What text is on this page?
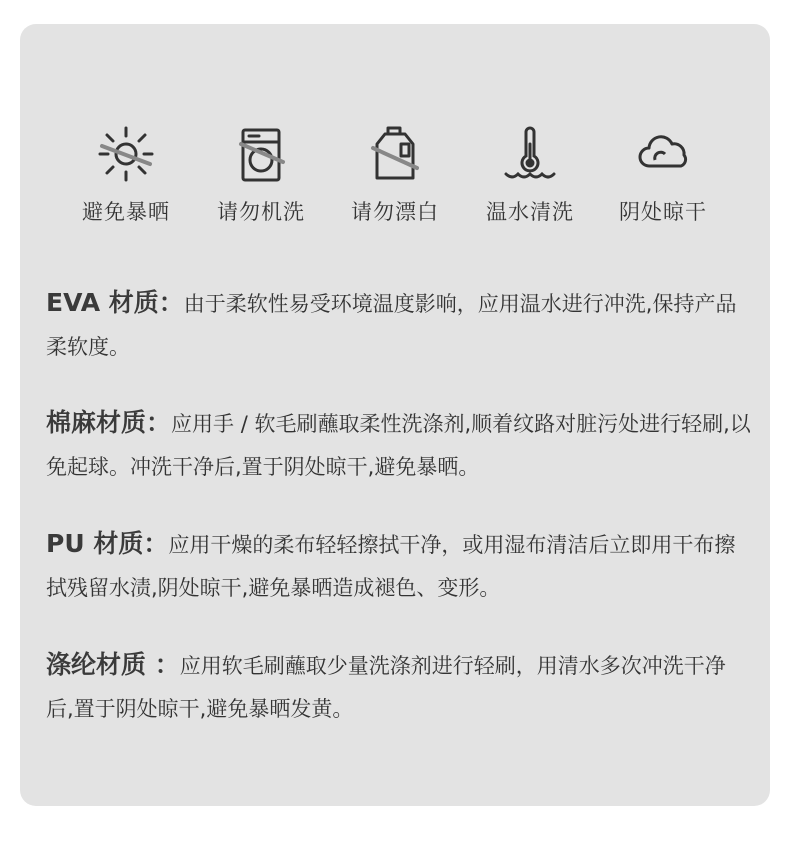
避免暴晒	请勿机洗	请勿漂白	温水清洗	阴处晾干
EVA 材质：由于柔软性易受环境温度影响，应用温水进行冲洗,保持产品柔软度。
棉麻材质：应用手 / 软毛刷蘸取柔性洗涤剂,顺着纹路对脏污处进行轻刷,以免起球。冲洗干净后,置于阴处晾干,避免暴晒。
PU 材质：应用干燥的柔布轻轻擦拭干净，或用湿布清洁后立即用干布擦拭残留水渍,阴处晾干,避免暴晒造成褪色、变形。
涤纶材质 ：应用软毛刷蘸取少量洗涤剂进行轻刷，用清水多次冲洗干净后,置于阴处晾干,避免暴晒发黄。
